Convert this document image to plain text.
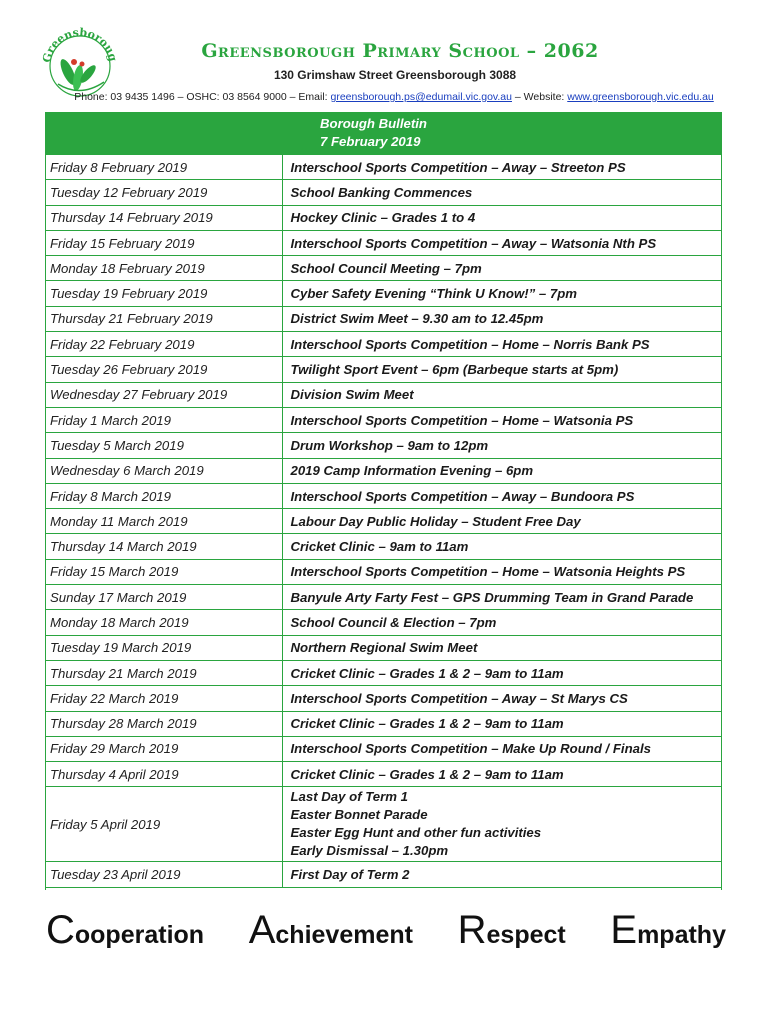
Greensboroug	Greensborough Primary School – 2062
130 Grimshaw Street Greensborough 3088
Phone: 03 9435 1496 – OSHC: 03 8564 9000 – Email: greensborough.ps@edumail.vic.gov.au – Website: www.greensborough.vic.edu.au

	Borough Bulletin
7 February 2019

Friday 8 February 2019	Interschool Sports Competition – Away – Streeton PS
Tuesday 12 February 2019	School Banking Commences
Thursday 14 February 2019	Hockey Clinic – Grades 1 to 4
Friday 15 February 2019	Interschool Sports Competition – Away – Watsonia Nth PS
Monday 18 February 2019	School Council Meeting – 7pm
Tuesday 19 February 2019	Cyber Safety Evening “Think U Know!” – 7pm
Thursday 21 February 2019	District Swim Meet – 9.30 am to 12.45pm
Friday 22 February 2019	Interschool Sports Competition – Home – Norris Bank PS
Tuesday 26 February 2019	Twilight Sport Event – 6pm (Barbeque starts at 5pm)
Wednesday 27 February 2019	Division Swim Meet
Friday 1 March 2019	Interschool Sports Competition – Home – Watsonia PS
Tuesday 5 March 2019	Drum Workshop – 9am to 12pm
Wednesday 6 March 2019	2019 Camp Information Evening – 6pm
Friday 8 March 2019	Interschool Sports Competition – Away – Bundoora PS
Monday 11 March 2019	Labour Day Public Holiday – Student Free Day
Thursday 14 March 2019	Cricket Clinic – 9am to 11am
Friday 15 March 2019	Interschool Sports Competition – Home – Watsonia Heights PS
Sunday 17 March 2019	Banyule Arty Farty Fest – GPS Drumming Team in Grand Parade
Monday 18 March 2019	School Council & Election – 7pm
Tuesday 19 March 2019	Northern Regional Swim Meet
Thursday 21 March 2019	Cricket Clinic – Grades 1 & 2 – 9am to 11am
Friday 22 March 2019	Interschool Sports Competition – Away – St Marys CS
Thursday 28 March 2019	Cricket Clinic – Grades 1 & 2 – 9am to 11am
Friday 29 March 2019	Interschool Sports Competition – Make Up Round / Finals
Thursday 4 April 2019	Cricket Clinic – Grades 1 & 2 – 9am to 11am
Friday 5 April 2019	Last Day of Term 1
Easter Bonnet Parade
Easter Egg Hunt and other fun activities
Early Dismissal – 1.30pm

Tuesday 23 April 2019	First Day of Term 2
Cooperation Achievement Respect Empathy
